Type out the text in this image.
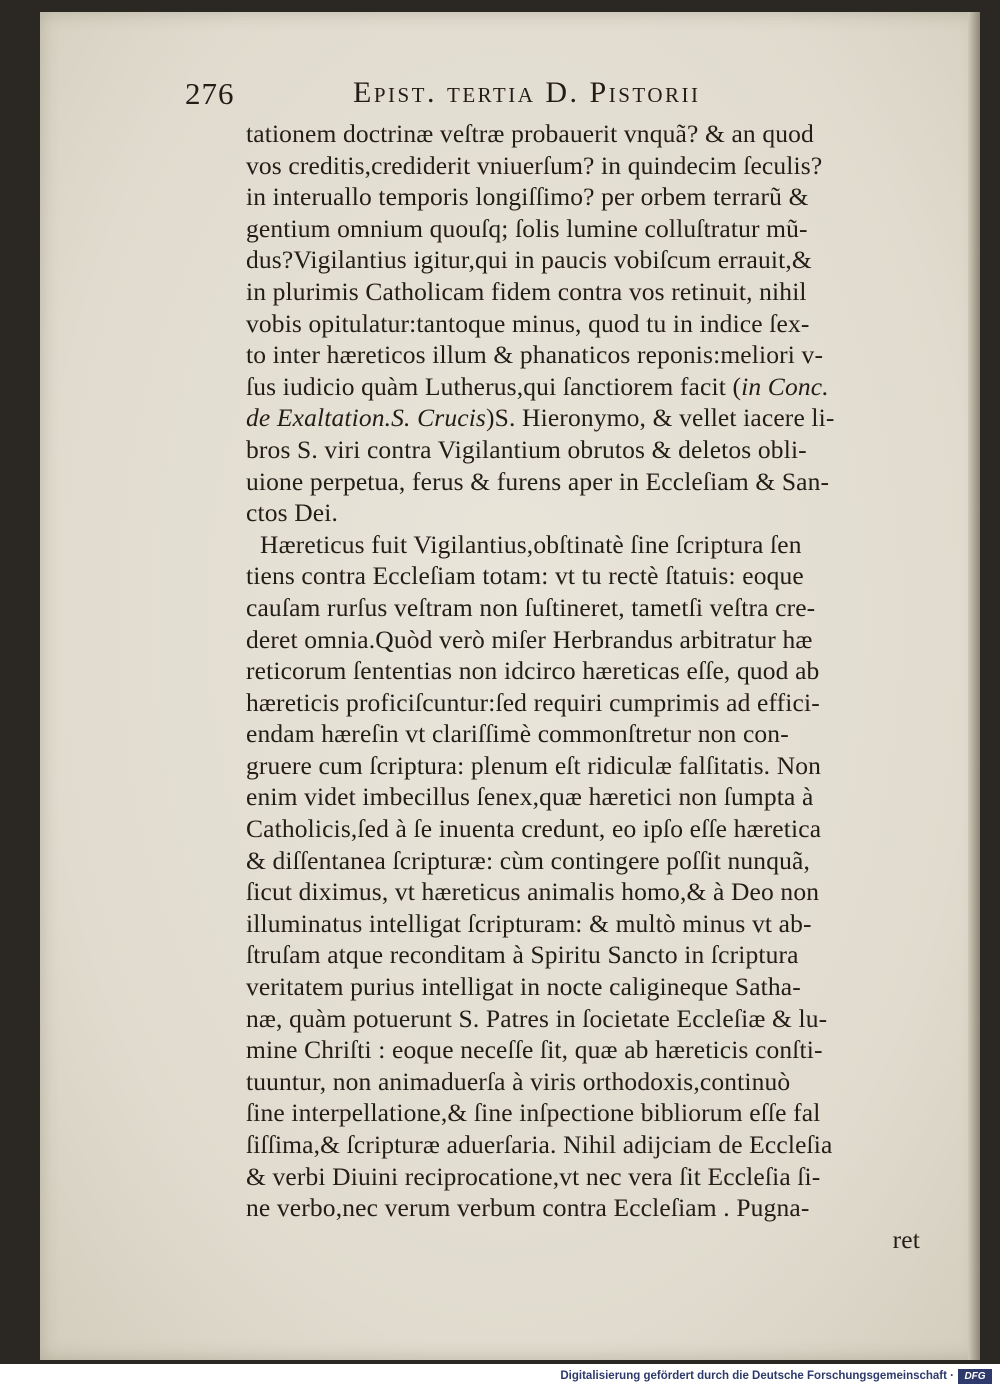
276	Epist. tertia D. Pistorii
tationem doctrinæ veſtræ probauerit vnquã? & an quod
vos creditis,crediderit vniuerſum? in quindecim ſeculis?
in interuallo temporis longiſſimo? per orbem terrarũ &
gentium omnium quouſq; ſolis lumine colluſtratur mũ-
dus?Vigilantius igitur,qui in paucis vobiſcum errauit,&
in plurimis Catholicam fidem contra vos retinuit, nihil
vobis opitulatur:tantoque minus, quod tu in indice ſex-
to inter hæreticos illum & phanaticos reponis:meliori v-
ſus iudicio quàm Lutherus,qui ſanctiorem facit (in Conc.
de Exaltation.S. Crucis)S. Hieronymo, & vellet iacere li-
bros S. viri contra Vigilantium obrutos & deletos obli-
uione perpetua, ferus & furens aper in Eccleſiam & San-
ctos Dei.
Hæreticus fuit Vigilantius,obſtinatè ſine ſcriptura ſen
tiens contra Eccleſiam totam: vt tu rectè ſtatuis: eoque
cauſam rurſus veſtram non ſuſtineret, tametſi veſtra cre-
deret omnia.Quòd verò miſer Herbrandus arbitratur hæ
reticorum ſententias non idcirco hæreticas eſſe, quod ab
hæreticis proficiſcuntur:ſed requiri cumprimis ad effici-
endam hæreſin vt clariſſimè commonſtretur non con-
gruere cum ſcriptura: plenum eſt ridiculæ falſitatis. Non
enim videt imbecillus ſenex,quæ hæretici non ſumpta à
Catholicis,ſed à ſe inuenta credunt, eo ipſo eſſe hæretica
& diſſentanea ſcripturæ: cùm contingere poſſit nunquã,
ſicut diximus, vt hæreticus animalis homo,& à Deo non
illuminatus intelligat ſcripturam: & multò minus vt ab-
ſtruſam atque reconditam à Spiritu Sancto in ſcriptura
veritatem purius intelligat in nocte caligineque Satha-
næ, quàm potuerunt S. Patres in ſocietate Eccleſiæ & lu-
mine Chriſti : eoque neceſſe ſit, quæ ab hæreticis conſti-
tuuntur, non animaduerſa à viris orthodoxis,continuò
ſine interpellatione,& ſine inſpectione bibliorum eſſe fal
ſiſſima,& ſcripturæ aduerſaria. Nihil adijciam de Eccleſia
& verbi Diuini reciprocatione,vt nec vera ſit Eccleſia ſi-
ne verbo,nec verum verbum contra Eccleſiam . Pugna-
ret
Digitalisierung gefördert durch die Deutsche Forschungsgemeinschaft ·	DFG
